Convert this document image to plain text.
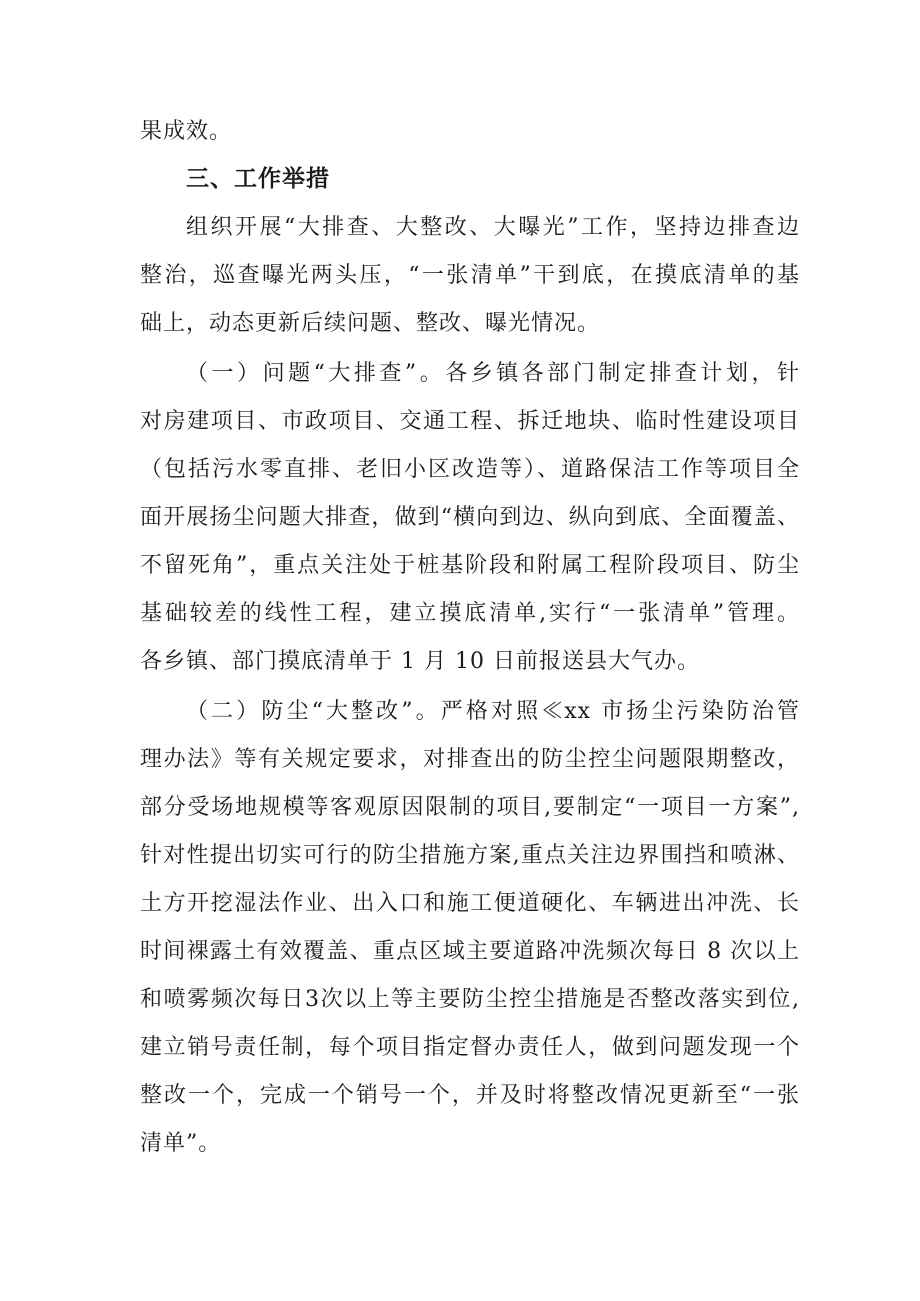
果成效。
三、工作举措
组织开展“大排查、大整改、大曝光”工作，坚持边排查边
整治，巡查曝光两头压，“一张清单”干到底，在摸底清单的基
础上，动态更新后续问题、整改、曝光情况。
（一）问题“大排查”。各乡镇各部门制定排查计划，针
对房建项目、市政项目、交通工程、拆迁地块、临时性建设项目
（包括污水零直排、老旧小区改造等）、道路保洁工作等项目全
面开展扬尘问题大排查，做到“横向到边、纵向到底、全面覆盖、
不留死角”，重点关注处于桩基阶段和附属工程阶段项目、防尘
基础较差的线性工程，建立摸底清单,实行“一张清单”管理。
各乡镇、部门摸底清单于 1 月 10 日前报送县大气办。
（二）防尘“大整改”。严格对照≪xx 市扬尘污染防治管
理办法》等有关规定要求，对排查出的防尘控尘问题限期整改，
部分受场地规模等客观原因限制的项目,要制定“一项目一方案”,
针对性提出切实可行的防尘措施方案,重点关注边界围挡和喷淋、
土方开挖湿法作业、出入口和施工便道硬化、车辆进出冲洗、长
时间裸露土有效覆盖、重点区域主要道路冲洗频次每日 8 次以上
和喷雾频次每日3次以上等主要防尘控尘措施是否整改落实到位,
建立销号责任制，每个项目指定督办责任人，做到问题发现一个
整改一个，完成一个销号一个，并及时将整改情况更新至“一张
清单”。
